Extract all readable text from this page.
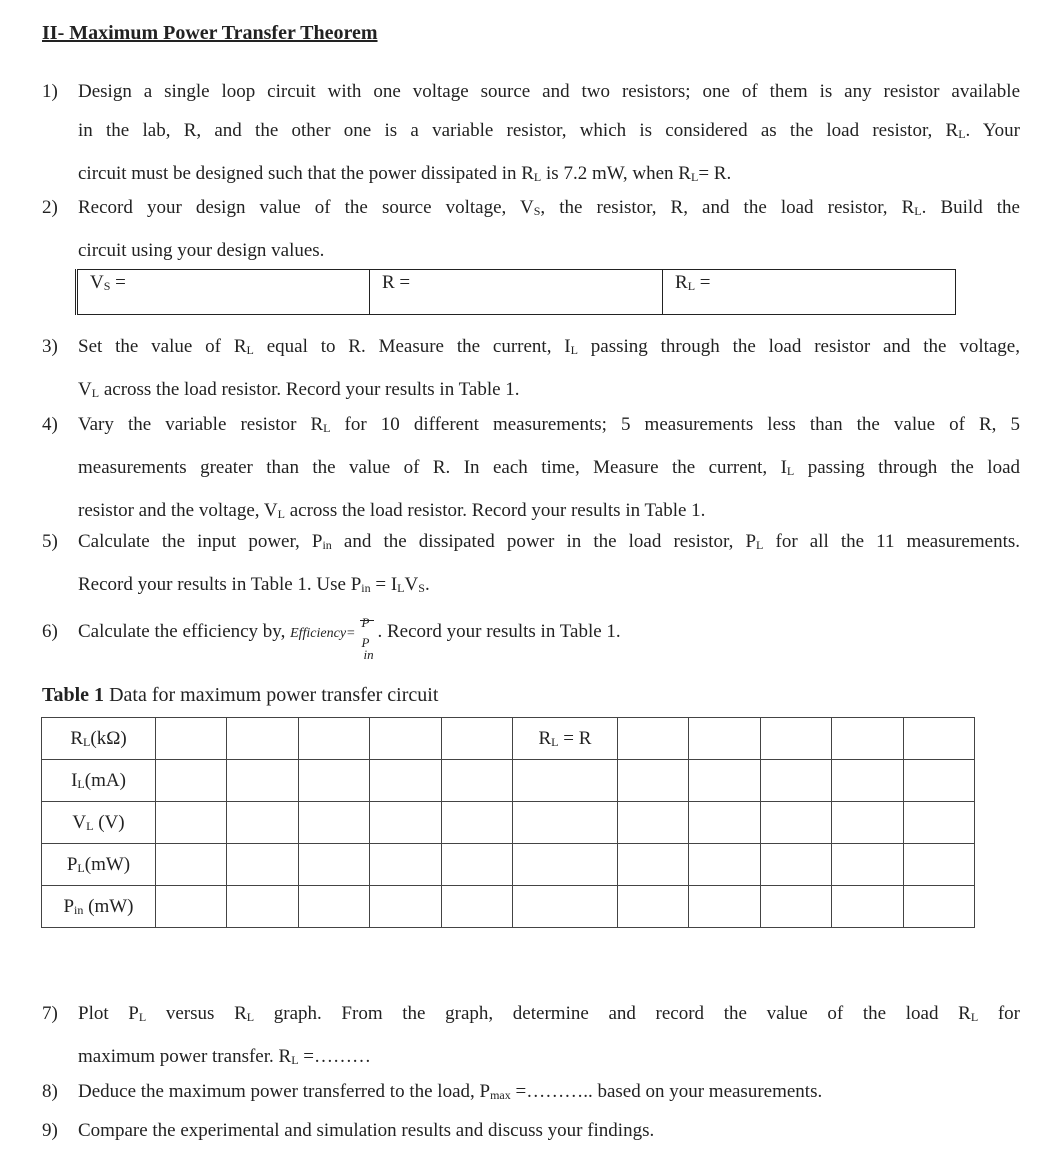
II- Maximum Power Transfer Theorem
1) Design a single loop circuit with one voltage source and two resistors; one of them is any resistor available
in the lab, R, and the other one is a variable resistor, which is considered as the load resistor, $R_L$. Your
circuit must be designed such that the power dissipated in $R_L$ is 7.2 mW, when $R_L= R$.
2) Record your design value of the source voltage, $V_S$, the resistor, R, and the load resistor, $R_L$. Build the
circuit using your design values.
$V_S$ =	R =	$R_L$ =
3) Set the value of $R_L$ equal to R. Measure the current, $I_L$ passing through the load resistor and the voltage,
$V_L$ across the load resistor. Record your results in Table 1.
4) Vary the variable resistor $R_L$ for 10 different measurements; 5 measurements less than the value of R, 5
measurements greater than the value of R. In each time, Measure the current, $I_L$ passing through the load
resistor and the voltage, $V_L$ across the load resistor. Record your results in Table 1.
5) Calculate the input power, $P_{in}$ and the dissipated power in the load resistor, $P_L$ for all the 11 measurements.
Record your results in Table 1. Use $P_{in} = I_LV_S$.
6) Calculate the efficiency by, Efficiency=
P
P
in
. Record your results in Table 1.
Table 1 Data for maximum power transfer circuit
$R_L(k\Omega)$						$R_L = R$					
$I_L(mA)$											
$V_L$ (V)											
$P_L(mW)$											
$P_{in}$ (mW)											
7) Plot $P_L$ versus $R_L$ graph. From the graph, determine and record the value of the load $R_L$ for
maximum power transfer. $R_L$ =………
8) Deduce the maximum power transferred to the load, $P_{max}$ =……….. based on your measurements.
9) Compare the experimental and simulation results and discuss your findings.
